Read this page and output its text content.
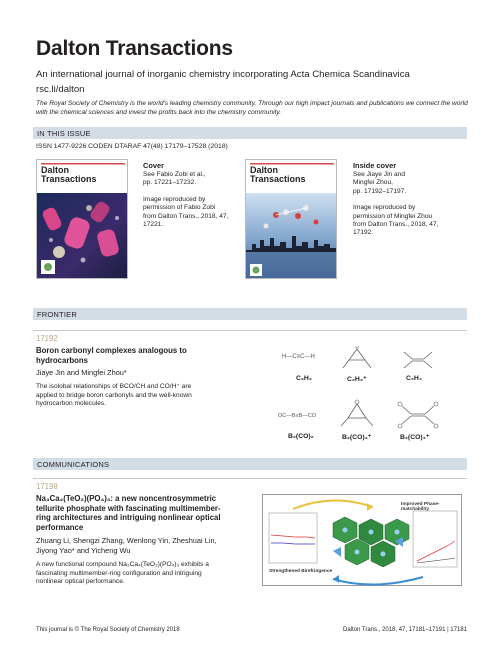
Dalton Transactions
An international journal of inorganic chemistry incorporating Acta Chemica Scandinavica
rsc.li/dalton
The Royal Society of Chemistry is the world's leading chemistry community. Through our high impact journals and publications we connect the world with the chemical sciences and invest the profits back into the chemistry community.
IN THIS ISSUE
ISSN 1477-9226 CODEN DTARAF 47(48) 17179–17528 (2018)
Dalton
Transactions
Cover
See Fabio Zobi et al.,
pp. 17221–17232.
Image reproduced by
permission of Fabio Zobi
from Dalton Trans., 2018, 47,
17221.
Dalton
Transactions
Inside cover
See Jiaye Jin and
Mingfei Zhou,
pp. 17192–17197.
Image reproduced by
permission of Mingfei Zhou
from Dalton Trans., 2018, 47,
17192.
FRONTIER
17192
Boron carbonyl complexes analogous to
hydrocarbons
Jiaye Jin and Mingfei Zhou*
The isolobal relationships of BCO/CH and CO/H⁺ are
applied to bridge boron carbonyls and the well-known
hydrocarbon molecules.
H—C≡C—H
H
C₂H₂	C₂H₃⁺	C₂H₄
OC—B≡B—CO
B₂(CO)₂	B₂(CO)₃⁺	B₂(CO)₄⁺
COMMUNICATIONS
17198
Na₃Ca₄(TeO₃)(PO₄)₃: a new noncentrosymmetric
tellurite phosphate with fascinating multimember-
ring architectures and intriguing nonlinear optical
performance
Zhuang Li, Shengzi Zhang, Wenlong Yin, Zheshuai Lin,
Jiyong Yao* and Yicheng Wu
A new functional compound Na₃Ca₄(TeO₃)(PO₄)₃ exhibits a
fascinating multimember-ring configuration and intriguing
nonlinear optical performance.
Strengthened Birefringence
Improved Phase-matchability
This journal is © The Royal Society of Chemistry 2018	Dalton Trans., 2018, 47, 17181–17191 | 17181
